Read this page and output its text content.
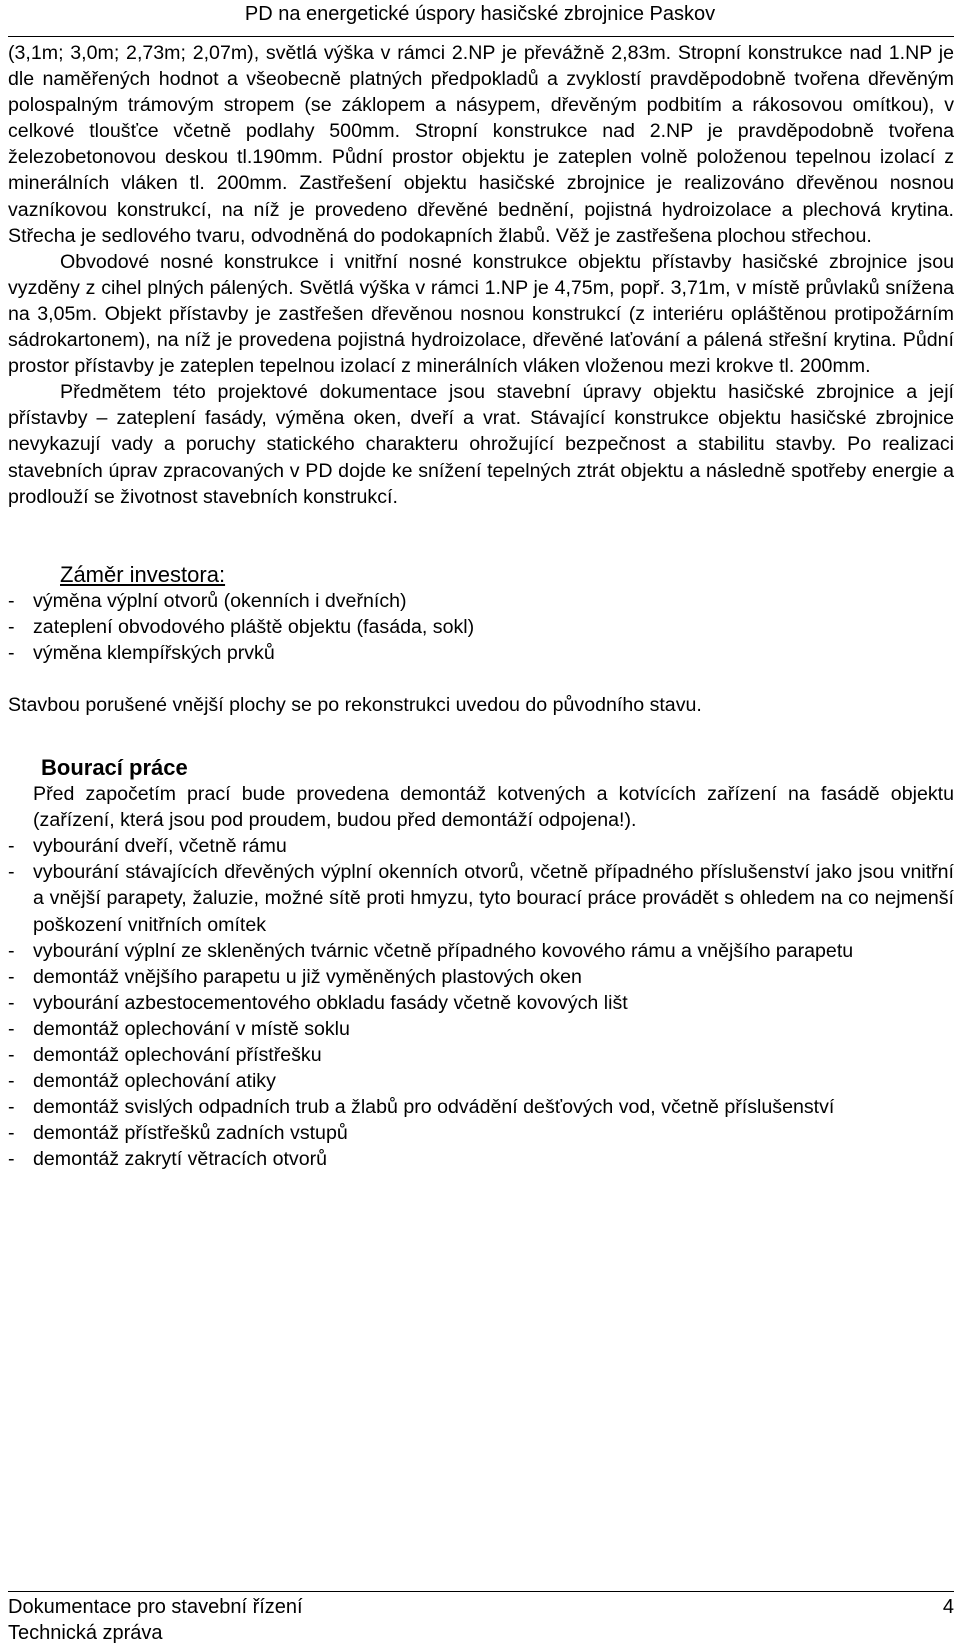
PD na energetické úspory hasičské zbrojnice Paskov

(3,1m; 3,0m; 2,73m; 2,07m), světlá výška v rámci 2.NP je převážně 2,83m. Stropní konstrukce nad 1.NP je dle naměřených hodnot a všeobecně platných předpokladů a zvyklostí pravděpodobně tvořena dřevěným polospalným trámovým stropem (se záklopem a násypem, dřevěným podbitím a rákosovou omítkou), v celkové tloušťce včetně podlahy 500mm. Stropní konstrukce nad 2.NP je pravděpodobně tvořena železobetonovou deskou tl.190mm. Půdní prostor objektu je zateplen volně položenou tepelnou izolací z minerálních vláken tl. 200mm. Zastřešení objektu hasičské zbrojnice je realizováno dřevěnou nosnou vazníkovou konstrukcí, na níž je provedeno dřevěné bednění, pojistná hydroizolace a plechová krytina. Střecha je sedlového tvaru, odvodněná do podokapních žlabů. Věž je zastřešena plochou střechou.

Obvodové nosné konstrukce i vnitřní nosné konstrukce objektu přístavby hasičské zbrojnice jsou vyzděny z cihel plných pálených. Světlá výška v rámci 1.NP je 4,75m, popř. 3,71m, v místě průvlaků snížena na 3,05m. Objekt přístavby je zastřešen dřevěnou nosnou konstrukcí (z interiéru opláštěnou protipožárním sádrokartonem), na níž je provedena pojistná hydroizolace, dřevěné laťování a pálená střešní krytina. Půdní prostor přístavby je zateplen tepelnou izolací z minerálních vláken vloženou mezi krokve tl. 200mm.

Předmětem této projektové dokumentace jsou stavební úpravy objektu hasičské zbrojnice a její přístavby – zateplení fasády, výměna oken, dveří a vrat. Stávající konstrukce objektu hasičské zbrojnice nevykazují vady a poruchy statického charakteru ohrožující bezpečnost a stabilitu stavby. Po realizaci stavebních úprav zpracovaných v PD dojde ke snížení tepelných ztrát objektu a následně spotřeby energie a prodlouží se životnost stavebních konstrukcí.

Záměr investora:

- výměna výplní otvorů (okenních i dveřních)
- zateplení obvodového pláště objektu (fasáda, sokl)
- výměna klempířských prvků

Stavbou porušené vnější plochy se po rekonstrukci uvedou do původního stavu.

Bourací práce

Před započetím prací bude provedena demontáž kotvených a kotvících zařízení na fasádě objektu (zařízení, která jsou pod proudem, budou před demontáží odpojena!).

- vybourání dveří, včetně rámu
- vybourání stávajících dřevěných výplní okenních otvorů, včetně případného příslušenství jako jsou vnitřní a vnější parapety, žaluzie, možné sítě proti hmyzu, tyto bourací práce provádět s ohledem na co nejmenší poškození vnitřních omítek
- vybourání výplní ze skleněných tvárnic včetně případného kovového rámu a vnějšího parapetu
- demontáž vnějšího parapetu u již vyměněných plastových oken
- vybourání azbestocementového obkladu fasády včetně kovových lišt
- demontáž oplechování v místě soklu
- demontáž oplechování přístřešku
- demontáž oplechování atiky
- demontáž svislých odpadních trub a žlabů pro odvádění dešťových vod, včetně příslušenství
- demontáž přístřešků zadních vstupů
- demontáž zakrytí větracích otvorů
Dokumentace pro stavební řízení	4
Technická zpráva
